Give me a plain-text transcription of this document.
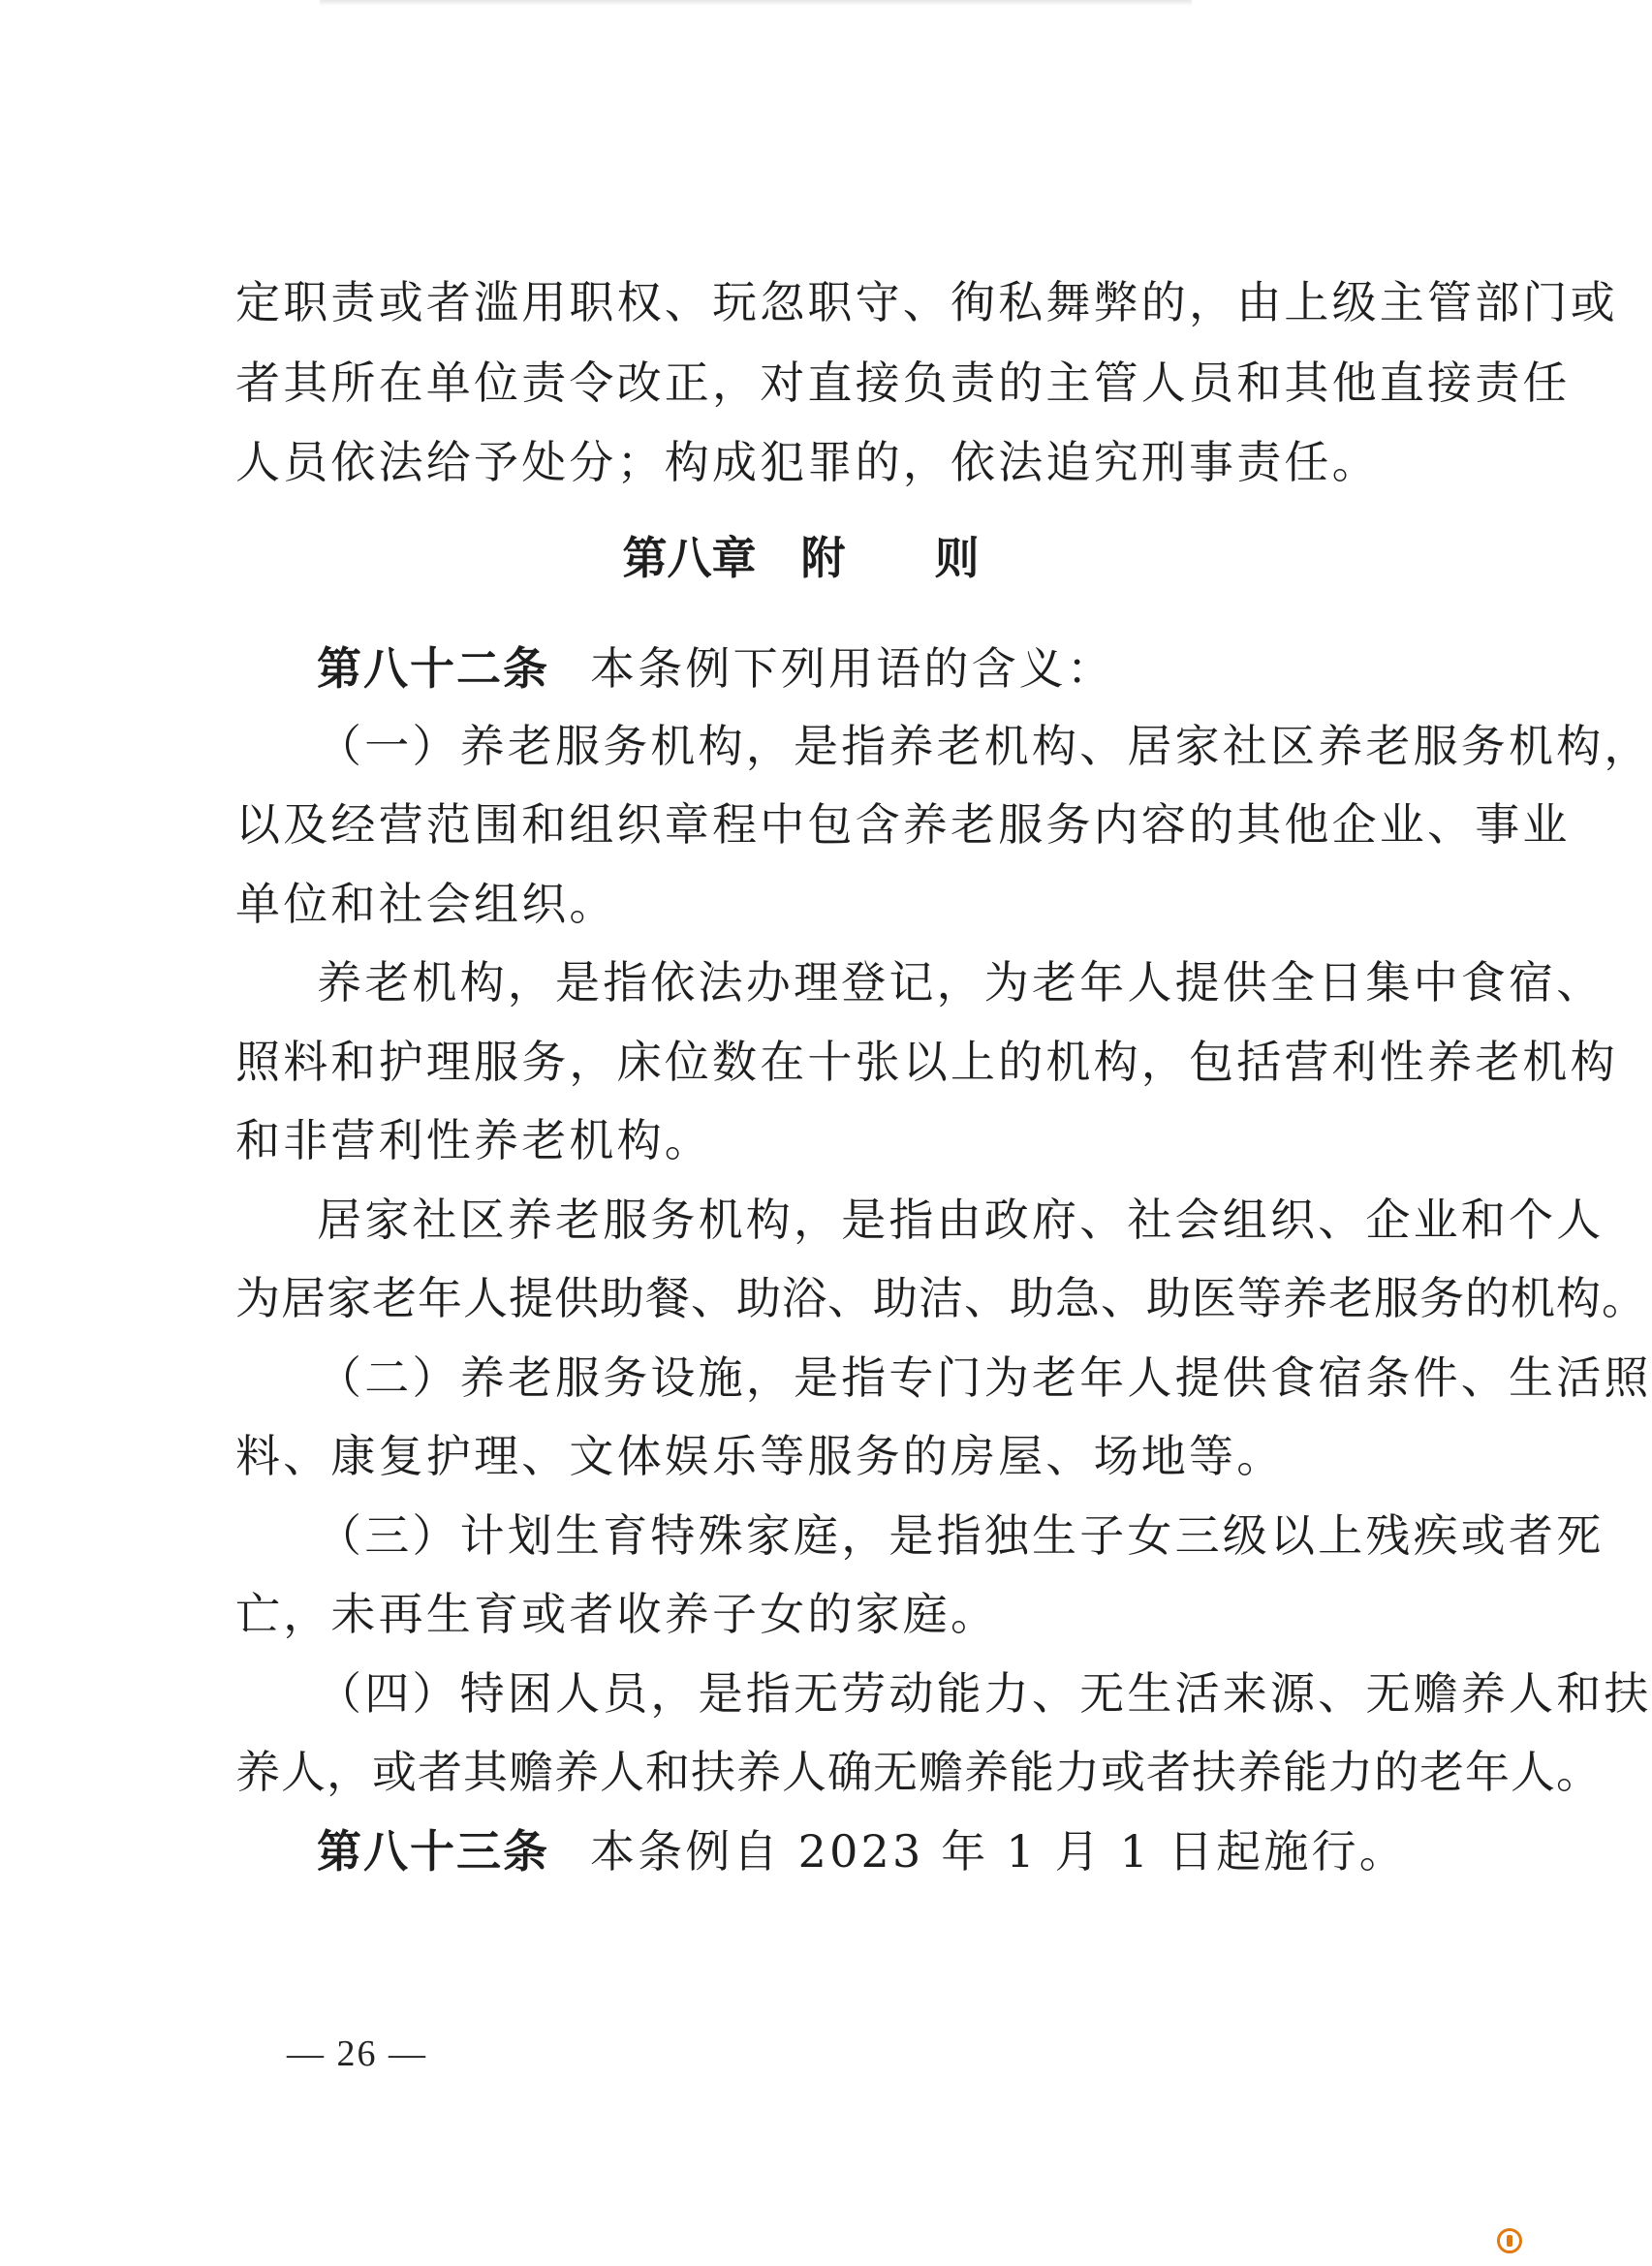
定职责或者滥用职权、玩忽职守、徇私舞弊的，由上级主管部门或
者其所在单位责令改正，对直接负责的主管人员和其他直接责任
人员依法给予处分；构成犯罪的，依法追究刑事责任。
第八章　附　　则
第八十二条 本条例下列用语的含义：
（一）养老服务机构，是指养老机构、居家社区养老服务机构，
以及经营范围和组织章程中包含养老服务内容的其他企业、事业
单位和社会组织。
养老机构，是指依法办理登记，为老年人提供全日集中食宿、
照料和护理服务，床位数在十张以上的机构，包括营利性养老机构
和非营利性养老机构。
居家社区养老服务机构，是指由政府、社会组织、企业和个人
为居家老年人提供助餐、助浴、助洁、助急、助医等养老服务的机构。
（二）养老服务设施，是指专门为老年人提供食宿条件、生活照
料、康复护理、文体娱乐等服务的房屋、场地等。
（三）计划生育特殊家庭，是指独生子女三级以上残疾或者死
亡，未再生育或者收养子女的家庭。
（四）特困人员，是指无劳动能力、无生活来源、无赡养人和扶
养人，或者其赡养人和扶养人确无赡养能力或者扶养能力的老年人。
第八十三条 本条例自 2023 年 1 月 1 日起施行。
— 26 —
